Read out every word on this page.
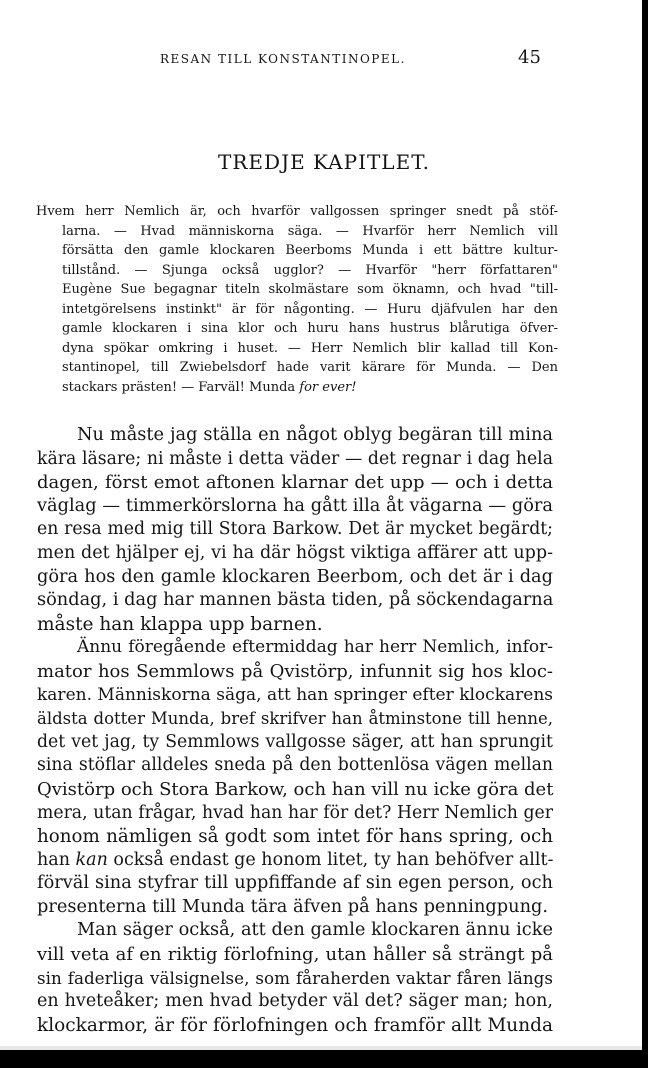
RESAN TILL KONSTANTINOPEL.	45
TREDJE KAPITLET.
Hvem herr Nemlich är, och hvarför vallgossen springer snedt på stöf-
larna. — Hvad människorna säga. — Hvarför herr Nemlich vill
försätta den gamle klockaren Beerboms Munda i ett bättre kultur-
tillstånd. — Sjunga också ugglor? — Hvarför "herr författaren"
Eugène Sue begagnar titeln skolmästare som öknamn, och hvad "till-
intetgörelsens instinkt" är för någonting. — Huru djäfvulen har den
gamle klockaren i sina klor och huru hans hustrus blårutiga öfver-
dyna spökar omkring i huset. — Herr Nemlich blir kallad till Kon-
stantinopel, till Zwiebelsdorf hade varit kärare för Munda. — Den
stackars prästen! — Farväl! Munda for ever!
Nu måste jag ställa en något oblyg begäran till mina
kära läsare; ni måste i detta väder — det regnar i dag hela
dagen, först emot aftonen klarnar det upp — och i detta
väglag — timmerkörslorna ha gått illa åt vägarna — göra
en resa med mig till Stora Barkow. Det är mycket begärdt;
men det hjälper ej, vi ha där högst viktiga affärer att upp-
göra hos den gamle klockaren Beerbom, och det är i dag
söndag, i dag har mannen bästa tiden, på söckendagarna
måste han klappa upp barnen.
Ännu föregående eftermiddag har herr Nemlich, infor-
mator hos Semmlows på Qvistörp, infunnit sig hos kloc-
karen. Människorna säga, att han springer efter klockarens
äldsta dotter Munda, bref skrifver han åtminstone till henne,
det vet jag, ty Semmlows vallgosse säger, att han sprungit
sina stöflar alldeles sneda på den bottenlösa vägen mellan
Qvistörp och Stora Barkow, och han vill nu icke göra det
mera, utan frågar, hvad han har för det? Herr Nemlich ger
honom nämligen så godt som intet för hans spring, och
han kan också endast ge honom litet, ty han behöfver allt-
förväl sina styfrar till uppfiffande af sin egen person, och
presenterna till Munda tära äfven på hans penningpung.
Man säger också, att den gamle klockaren ännu icke
vill veta af en riktig förlofning, utan håller så strängt på
sin faderliga välsignelse, som fåraherden vaktar fåren längs
en hveteåker; men hvad betyder väl det? säger man; hon,
klockarmor, är för förlofningen och framför allt Munda
